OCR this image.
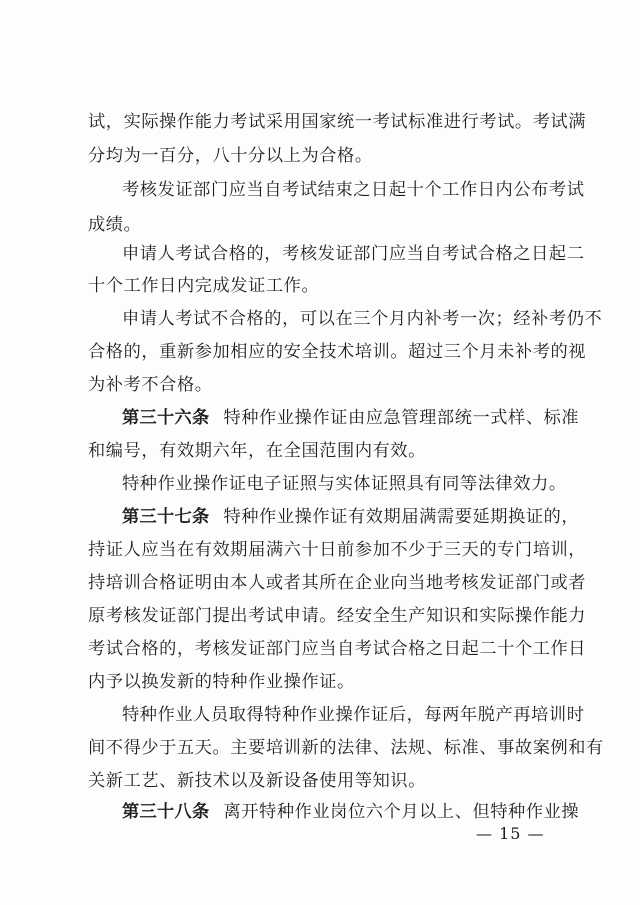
试，实际操作能力考试采用国家统一考试标准进行考试。考试满
分均为一百分，八十分以上为合格。
考核发证部门应当自考试结束之日起十个工作日内公布考试
成绩。
申请人考试合格的，考核发证部门应当自考试合格之日起二
十个工作日内完成发证工作。
申请人考试不合格的，可以在三个月内补考一次；经补考仍不
合格的，重新参加相应的安全技术培训。超过三个月未补考的视
为补考不合格。
第三十六条 特种作业操作证由应急管理部统一式样、标准
和编号，有效期六年，在全国范围内有效。
特种作业操作证电子证照与实体证照具有同等法律效力。
第三十七条 特种作业操作证有效期届满需要延期换证的，
持证人应当在有效期届满六十日前参加不少于三天的专门培训，
持培训合格证明由本人或者其所在企业向当地考核发证部门或者
原考核发证部门提出考试申请。经安全生产知识和实际操作能力
考试合格的，考核发证部门应当自考试合格之日起二十个工作日
内予以换发新的特种作业操作证。
特种作业人员取得特种作业操作证后，每两年脱产再培训时
间不得少于五天。主要培训新的法律、法规、标准、事故案例和有
关新工艺、新技术以及新设备使用等知识。
第三十八条 离开特种作业岗位六个月以上、但特种作业操
— 15 —
